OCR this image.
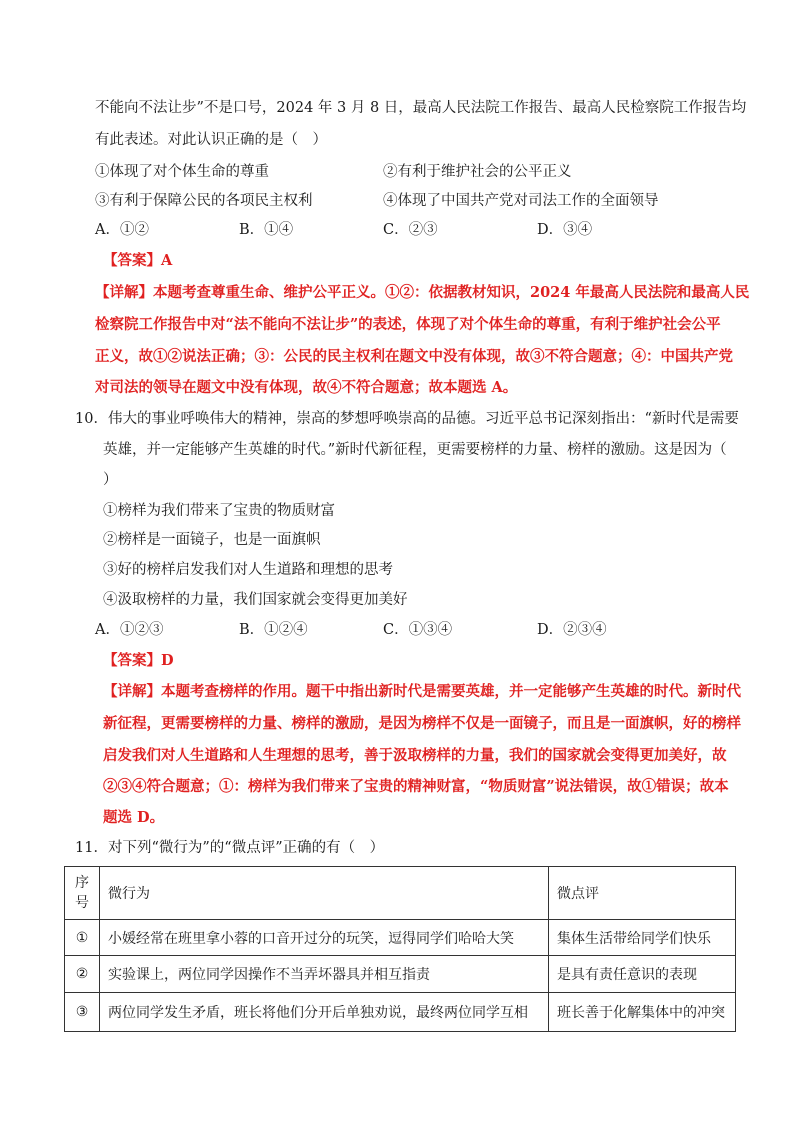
不能向不法让步”不是口号，2024 年 3 月 8 日，最高人民法院工作报告、最高人民检察院工作报告均
有此表述。对此认识正确的是（　）
①体现了对个体生命的尊重	②有利于维护社会的公平正义
③有利于保障公民的各项民主权利	④体现了中国共产党对司法工作的全面领导
A．①②	B．①④	C．②③	D．③④
【答案】A
【详解】本题考查尊重生命、维护公平正义。①②：依据教材知识，2024 年最高人民法院和最高人民
检察院工作报告中对“法不能向不法让步”的表述，体现了对个体生命的尊重，有利于维护社会公平
正义，故①②说法正确；③：公民的民主权利在题文中没有体现，故③不符合题意；④：中国共产党
对司法的领导在题文中没有体现，故④不符合题意；故本题选 A。
10．伟大的事业呼唤伟大的精神，崇高的梦想呼唤崇高的品德。习近平总书记深刻指出：“新时代是需要
英雄，并一定能够产生英雄的时代。”新时代新征程，更需要榜样的力量、榜样的激励。这是因为（
）
①榜样为我们带来了宝贵的物质财富
②榜样是一面镜子，也是一面旗帜
③好的榜样启发我们对人生道路和理想的思考
④汲取榜样的力量，我们国家就会变得更加美好
A．①②③	B．①②④	C．①③④	D．②③④
【答案】D
【详解】本题考查榜样的作用。题干中指出新时代是需要英雄，并一定能够产生英雄的时代。新时代
新征程，更需要榜样的力量、榜样的激励，是因为榜样不仅是一面镜子，而且是一面旗帜，好的榜样
启发我们对人生道路和人生理想的思考，善于汲取榜样的力量，我们的国家就会变得更加美好，故
②③④符合题意；①：榜样为我们带来了宝贵的精神财富，“物质财富”说法错误，故①错误；故本
题选 D。
11．对下列“微行为”的“微点评”正确的有（　）
序号	微行为	微点评
①	小媛经常在班里拿小蓉的口音开过分的玩笑，逗得同学们哈哈大笑	集体生活带给同学们快乐
②	实验课上，两位同学因操作不当弄坏器具并相互指责	是具有责任意识的表现
③	两位同学发生矛盾，班长将他们分开后单独劝说，最终两位同学互相	班长善于化解集体中的冲突
